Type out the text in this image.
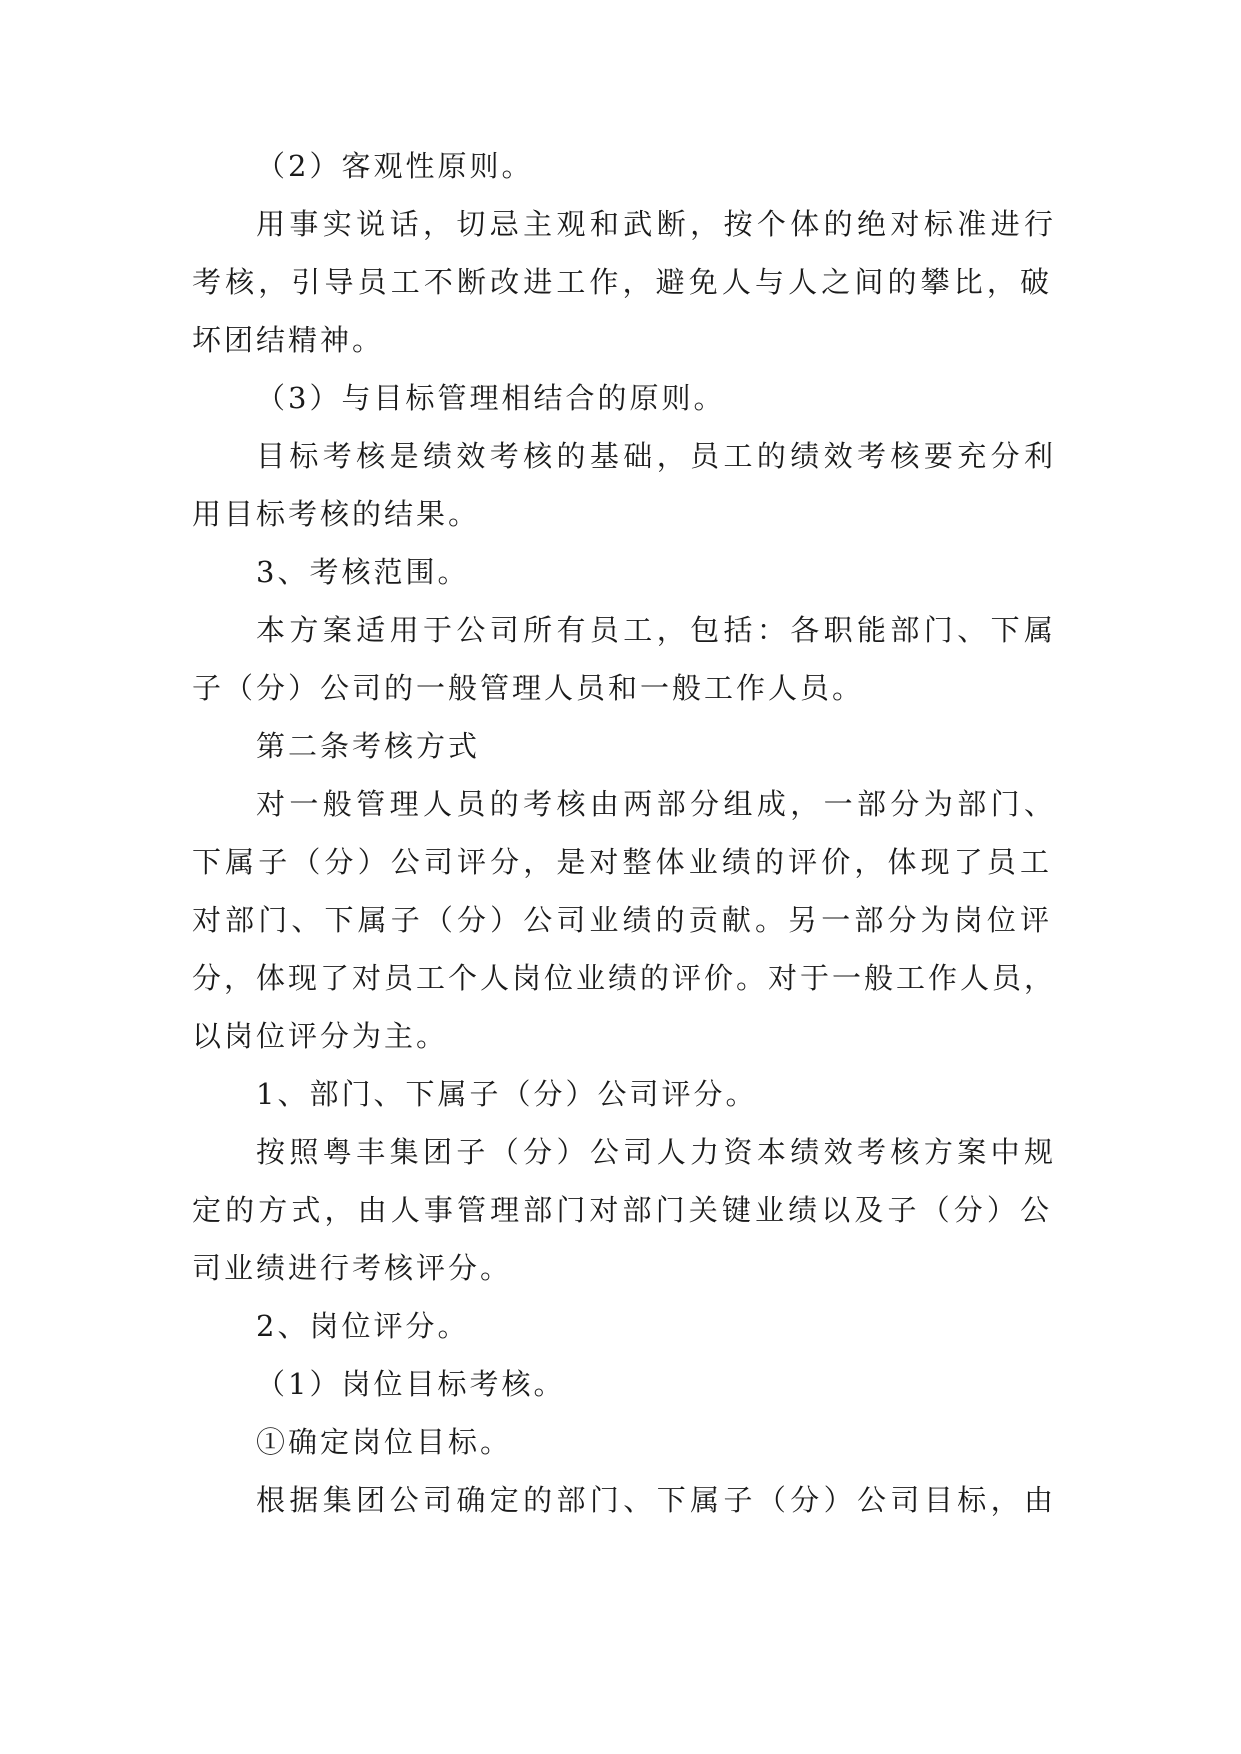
（2）客观性原则。
用事实说话，切忌主观和武断，按个体的绝对标准进行
考核，引导员工不断改进工作，避免人与人之间的攀比，破
坏团结精神。
（3）与目标管理相结合的原则。
目标考核是绩效考核的基础，员工的绩效考核要充分利
用目标考核的结果。
3、考核范围。
本方案适用于公司所有员工，包括：各职能部门、下属
子（分）公司的一般管理人员和一般工作人员。
第二条考核方式
对一般管理人员的考核由两部分组成，一部分为部门、
下属子（分）公司评分，是对整体业绩的评价，体现了员工
对部门、下属子（分）公司业绩的贡献。另一部分为岗位评
分，体现了对员工个人岗位业绩的评价。对于一般工作人员，
以岗位评分为主。
1、部门、下属子（分）公司评分。
按照粤丰集团子（分）公司人力资本绩效考核方案中规
定的方式，由人事管理部门对部门关键业绩以及子（分）公
司业绩进行考核评分。
2、岗位评分。
（1）岗位目标考核。
①确定岗位目标。
根据集团公司确定的部门、下属子（分）公司目标，由
